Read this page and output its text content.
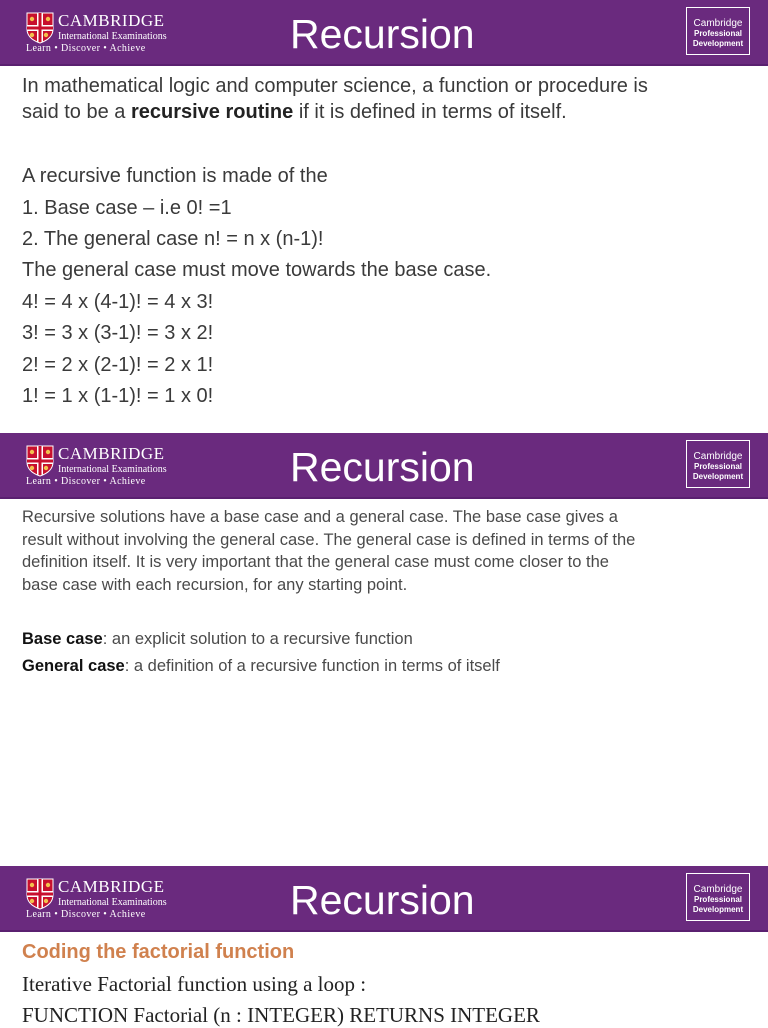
CAMBRIDGE
International Examinations
Learn • Discover • Achieve	Recursion	Cambridge
Professional
Development
In mathematical logic and computer science, a function or procedure is
said to be a recursive routine if it is defined in terms of itself.
A recursive function is made of the
1. Base case – i.e 0! =1
2. The general case n! = n x (n-1)!
The general case must move towards the base case.
4! = 4 x (4-1)! = 4 x 3!
3! = 3 x (3-1)! = 3 x 2!
2! = 2 x (2-1)! = 2 x 1!
1! = 1 x (1-1)! = 1 x 0!
CAMBRIDGE
International Examinations
Learn • Discover • Achieve	Recursion	Cambridge
Professional
Development
Recursive solutions have a base case and a general case. The base case gives a
result without involving the general case. The general case is defined in terms of the
definition itself. It is very important that the general case must come closer to the
base case with each recursion, for any starting point.
Base case: an explicit solution to a recursive function
General case: a definition of a recursive function in terms of itself
CAMBRIDGE
International Examinations
Learn • Discover • Achieve	Recursion	Cambridge
Professional
Development
Coding the factorial function
Iterative Factorial function using a loop :
FUNCTION Factorial (n : INTEGER) RETURNS INTEGER
